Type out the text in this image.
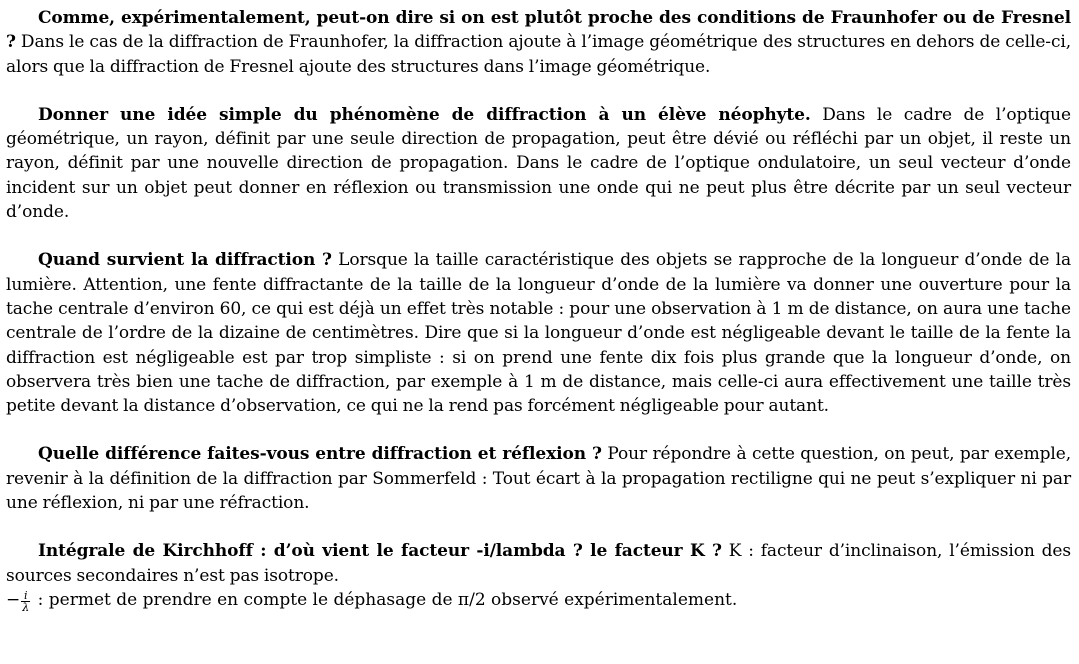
Comme, expérimentalement, peut-on dire si on est plutôt proche des conditions de Fraunhofer ou de Fresnel ? Dans le cas de la diffraction de Fraunhofer, la diffraction ajoute à l’image géométrique des structures en dehors de celle-ci, alors que la diffraction de Fresnel ajoute des structures dans l’image géométrique.

Donner une idée simple du phénomène de diffraction à un élève néophyte. Dans le cadre de l’optique géométrique, un rayon, définit par une seule direction de propagation, peut être dévié ou réfléchi par un objet, il reste un rayon, définit par une nouvelle direction de propagation. Dans le cadre de l’optique ondulatoire, un seul vecteur d’onde incident sur un objet peut donner en réflexion ou transmission une onde qui ne peut plus être décrite par un seul vecteur d’onde.

Quand survient la diffraction ? Lorsque la taille caractéristique des objets se rapproche de la longueur d’onde de la lumière. Attention, une fente diffractante de la taille de la longueur d’onde de la lumière va donner une ouverture pour la tache centrale d’environ 60, ce qui est déjà un effet très notable : pour une observation à 1 m de distance, on aura une tache centrale de l’ordre de la dizaine de centimètres. Dire que si la longueur d’onde est négligeable devant le taille de la fente la diffraction est négligeable est par trop simpliste : si on prend une fente dix fois plus grande que la longueur d’onde, on observera très bien une tache de diffraction, par exemple à 1 m de distance, mais celle-ci aura effectivement une taille très petite devant la distance d’observation, ce qui ne la rend pas forcément négligeable pour autant.

Quelle différence faites-vous entre diffraction et réflexion ? Pour répondre à cette question, on peut, par exemple, revenir à la définition de la diffraction par Sommerfeld : Tout écart à la propagation rectiligne qui ne peut s’expliquer ni par une réflexion, ni par une réfraction.

Intégrale de Kirchhoff : d’où vient le facteur -i/lambda ? le facteur K ? K : facteur d’inclinaison, l’émission des sources secondaires n’est pas isotrope.

− $\frac{i}{\lambda}$ : permet de prendre en compte le déphasage de π/2 observé expérimentalement.
